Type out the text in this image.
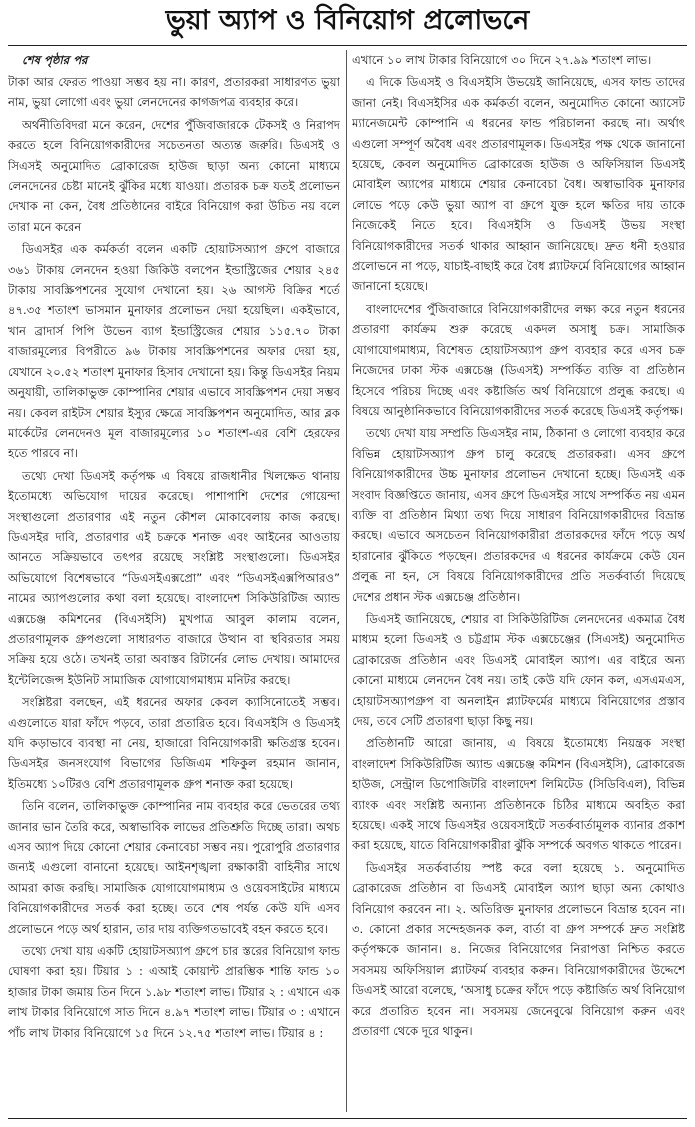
ভুয়া অ্যাপ ও বিনিয়োগ প্রলোভনে

শেষ পৃষ্ঠার পর

টাকা আর ফেরত পাওয়া সম্ভব হয় না। কারণ, প্রতারকরা সাধারণত ভুয়া নাম, ভুয়া লোগো এবং ভুয়া লেনদেনের কাগজপত্র ব্যবহার করে।

অর্থনীতিবিদরা মনে করেন, দেশের পুঁজিবাজারকে টেকসই ও নিরাপদ করতে হলে বিনিয়োগকারীদের সচেতনতা অত্যন্ত জরুরি। ডিএসই ও সিএসই অনুমোদিত ব্রোকারেজ হাউজ ছাড়া অন্য কোনো মাধ্যমে লেনদেনের চেষ্টা মানেই ঝুঁকির মধ্যে যাওয়া। প্রতারক চক্র যতই প্রলোভন দেখাক না কেন, বৈধ প্রতিষ্ঠানের বাইরে বিনিয়োগ করা উচিত নয় বলে তারা মনে করেন

ডিএসইর এক কর্মকর্তা বলেন একটি হোয়াটসঅ্যাপ গ্রুপে বাজারে ৩৬১ টাকায় লেনদেন হওয়া জিকিউ বলপেন ইন্ডাস্ট্রিজের শেয়ার ২৪৫ টাকায় সাবস্ক্রিপশনের সুযোগ দেখানো হয়। ২৬ আগস্ট বিক্রির শর্তে ৪৭.৩৫ শতাংশ ভাসমান মুনাফার প্রলোভন দেয়া হয়েছিল। একইভাবে, খান ব্রাদার্স পিপি উভেন ব্যাগ ইন্ডাস্ট্রিজের শেয়ার ১১৫.৭০ টাকা বাজারমূল্যের বিপরীতে ৯৬ টাকায় সাবস্ক্রিপশনের অফার দেয়া হয়, যেখানে ২০.৫২ শতাংশ মুনাফার হিসাব দেখানো হয়। কিন্তু ডিএসইর নিয়ম অনুযায়ী, তালিকাভুক্ত কোম্পানির শেয়ার এভাবে সাবস্ক্রিপশন দেয়া সম্ভব নয়। কেবল রাইটস শেয়ার ইস্যুর ক্ষেত্রে সাবস্ক্রিপশন অনুমোদিত, আর ব্লক মার্কেটের লেনদেনও মূল বাজারমূল্যের ১০ শতাংশ-এর বেশি হেরফের হতে পারবে না।

তথ্যে দেখা ডিএসই কর্তৃপক্ষ এ বিষয়ে রাজধানীর খিলক্ষেত থানায় ইতোমধ্যে অভিযোগ দায়ের করেছে। পাশাপাশি দেশের গোয়েন্দা সংস্থাগুলো প্রতারণার এই নতুন কৌশল মোকাবেলায় কাজ করছে। ডিএসইর দাবি, প্রতারণার এই চক্রকে শনাক্ত এবং আইনের আওতায় আনতে সক্রিয়ভাবে তৎপর রয়েছে সংশ্লিষ্ট সংস্থাগুলো। ডিএসইর অভিযোগে বিশেষভাবে “ডিএসইএক্সপ্রো” এবং “ডিএসইএক্সপিআরও” নামের অ্যাপগুলোর কথা বলা হয়েছে। বাংলাদেশ সিকিউরিটিজ অ্যান্ড এক্সচেঞ্জ কমিশনের (বিএসইসি) মুখপাত্র আবুল কালাম বলেন, প্রতারণামূলক গ্রুপগুলো সাধারণত বাজারে উত্থান বা স্থবিরতার সময় সক্রিয় হয়ে ওঠে। তখনই তারা অবাস্তব রিটার্নের লোভ দেখায়। আমাদের ইন্টেলিজেন্স ইউনিট সামাজিক যোগাযোগমাধ্যম মনিটর করছে।

সংশ্লিষ্টরা বলছেন, এই ধরনের অফার কেবল ক্যাসিনোতেই সম্ভব। এগুলোতে যারা ফাঁদে পড়বে, তারা প্রতারিত হবে। বিএসইসি ও ডিএসই যদি কড়াভাবে ব্যবস্থা না নেয়, হাজারো বিনিয়োগকারী ক্ষতিগ্রস্ত হবেন। ডিএসইর জনসংযোগ বিভাগের ডিজিএম শফিকুল রহমান জানান, ইতিমধ্যে ১০টিরও বেশি প্রতারণামূলক গ্রুপ শনাক্ত করা হয়েছে।

তিনি বলেন, তালিকাভুক্ত কোম্পানির নাম ব্যবহার করে ভেতরের তথ্য জানার ভান তৈরি করে, অস্বাভাবিক লাভের প্রতিশ্রুতি দিচ্ছে তারা। অথচ এসব অ্যাপ দিয়ে কোনো শেয়ার কেনাবেচা সম্ভব নয়। পুরোপুরি প্রতারণার জন্যই এগুলো বানানো হয়েছে। আইনশৃঙ্খলা রক্ষাকারী বাহিনীর সাথে আমরা কাজ করছি। সামাজিক যোগাযোগমাধ্যম ও ওয়েবসাইটের মাধ্যমে বিনিয়োগকারীদের সতর্ক করা হচ্ছে। তবে শেষ পর্যন্ত কেউ যদি এসব প্রলোভনে পড়ে অর্থ হারান, তার দায় ব্যক্তিগতভাবেই বহন করতে হবে।

তথ্যে দেখা যায় একটি হোয়াটসঅ্যাপ গ্রুপে চার স্তরের বিনিয়োগ ফান্ড ঘোষণা করা হয়। টিয়ার ১ : এআই কোয়ান্ট প্রারম্ভিক শান্তি ফান্ড ১০ হাজার টাকা জমায় তিন দিনে ১.৯৮ শতাংশ লাভ। টিয়ার ২ : এখানে এক লাখ টাকার বিনিয়োগে সাত দিনে ৪.৯৭ শতাংশ লাভ। টিয়ার ৩ : এখানে পাঁচ লাখ টাকার বিনিয়োগে ১৫ দিনে ১২.৭৫ শতাংশ লাভ। টিয়ার ৪ :

এখানে ১০ লাখ টাকার বিনিয়োগে ৩০ দিনে ২৭.৯৯ শতাংশ লাভ।

এ দিকে ডিএসই ও বিএসইসি উভয়েই জানিয়েছে, এসব ফান্ড তাদের জানা নেই। বিএসইসির এক কর্মকর্তা বলেন, অনুমোদিত কোনো অ্যাসেট ম্যানেজমেন্ট কোম্পানি এ ধরনের ফান্ড পরিচালনা করছে না। অর্থাৎ এগুলো সম্পূর্ণ অবৈধ এবং প্রতারণামূলক। ডিএসইর পক্ষ থেকে জানানো হয়েছে, কেবল অনুমোদিত ব্রোকারেজ হাউজ ও অফিসিয়াল ডিএসই মোবাইল অ্যাপের মাধ্যমে শেয়ার কেনাবেচা বৈধ। অস্বাভাবিক মুনাফার লোভে পড়ে কেউ ভুয়া অ্যাপ বা গ্রুপে যুক্ত হলে ক্ষতির দায় তাকে নিজেকেই নিতে হবে। বিএসইসি ও ডিএসই উভয় সংস্থা বিনিয়োগকারীদের সতর্ক থাকার আহ্বান জানিয়েছে। দ্রুত ধনী হওয়ার প্রলোভনে না পড়ে, যাচাই-বাছাই করে বৈধ প্ল্যাটফর্মে বিনিয়োগের আহ্বান জানানো হয়েছে।

বাংলাদেশের পুঁজিবাজারে বিনিয়োগকারীদের লক্ষ্য করে নতুন ধরনের প্রতারণা কার্যক্রম শুরু করেছে একদল অসাধু চক্র। সামাজিক যোগাযোগমাধ্যম, বিশেষত হোয়াটসঅ্যাপ গ্রুপ ব্যবহার করে এসব চক্র নিজেদের ঢাকা স্টক এক্সচেঞ্জ (ডিএসই) সম্পর্কিত ব্যক্তি বা প্রতিষ্ঠান হিসেবে পরিচয় দিচ্ছে এবং কষ্টার্জিত অর্থ বিনিয়োগে প্রলুব্ধ করছে। এ বিষয়ে আনুষ্ঠানিকভাবে বিনিয়োগকারীদের সতর্ক করেছে ডিএসই কর্তৃপক্ষ।

তথ্যে দেখা যায় সম্প্রতি ডিএসইর নাম, ঠিকানা ও লোগো ব্যবহার করে বিভিন্ন হোয়াটসঅ্যাপ গ্রুপ চালু করেছে প্রতারকরা। এসব গ্রুপে বিনিয়োগকারীদের উচ্চ মুনাফার প্রলোভন দেখানো হচ্ছে। ডিএসই এক সংবাদ বিজ্ঞপ্তিতে জানায়, এসব গ্রুপে ডিএসইর সাথে সম্পর্কিত নয় এমন ব্যক্তি বা প্রতিষ্ঠান মিথ্যা তথ্য দিয়ে সাধারণ বিনিয়োগকারীদের বিভ্রান্ত করছে। এভাবে অসচেতন বিনিয়োগকারীরা প্রতারকদের ফাঁদে পড়ে অর্থ হারানোর ঝুঁকিতে পড়ছেন। প্রতারকদের এ ধরনের কার্যক্রমে কেউ যেন প্রলুব্ধ না হন, সে বিষয়ে বিনিয়োগকারীদের প্রতি সতর্কবার্তা দিয়েছে দেশের প্রধান স্টক এক্সচেঞ্জ প্রতিষ্ঠান।

ডিএসই জানিয়েছে, শেয়ার বা সিকিউরিটিজ লেনদেনের একমাত্র বৈধ মাধ্যম হলো ডিএসই ও চট্টগ্রাম স্টক এক্সচেঞ্জের (সিএসই) অনুমোদিত ব্রোকারেজ প্রতিষ্ঠান এবং ডিএসই মোবাইল অ্যাপ। এর বাইরে অন্য কোনো মাধ্যমে লেনদেন বৈধ নয়। তাই কেউ যদি ফোন কল, এসএমএস, হোয়াটসঅ্যাপগ্রুপ বা অনলাইন প্ল্যাটফর্মের মাধ্যমে বিনিয়োগের প্রস্তাব দেয়, তবে সেটি প্রতারণা ছাড়া কিছু নয়।

প্রতিষ্ঠানটি আরো জানায়, এ বিষয়ে ইতোমধ্যে নিয়ন্ত্রক সংস্থা বাংলাদেশ সিকিউরিটিজ অ্যান্ড এক্সচেঞ্জ কমিশন (বিএসইসি), ব্রোকারেজ হাউজ, সেন্ট্রাল ডিপোজিটরি বাংলাদেশ লিমিটেড (সিডিবিএল), বিভিন্ন ব্যাংক এবং সংশ্লিষ্ট অন্যান্য প্রতিষ্ঠানকে চিঠির মাধ্যমে অবহিত করা হয়েছে। একই সাথে ডিএসইর ওয়েবসাইটে সতর্কবার্তামূলক ব্যানার প্রকাশ করা হয়েছে, যাতে বিনিয়োগকারীরা ঝুঁকি সম্পর্কে অবগত থাকতে পারেন।

ডিএসইর সতর্কবার্তায় স্পষ্ট করে বলা হয়েছে ১. অনুমোদিত ব্রোকারেজ প্রতিষ্ঠান বা ডিএসই মোবাইল অ্যাপ ছাড়া অন্য কোথাও বিনিয়োগ করবেন না। ২. অতিরিক্ত মুনাফার প্রলোভনে বিভ্রান্ত হবেন না। ৩. কোনো প্রকার সন্দেহজনক কল, বার্তা বা গ্রুপ সম্পর্কে দ্রুত সংশ্লিষ্ট কর্তৃপক্ষকে জানান। ৪. নিজের বিনিয়োগের নিরাপত্তা নিশ্চিত করতে সবসময় অফিসিয়াল প্ল্যাটফর্ম ব্যবহার করুন। বিনিয়োগকারীদের উদ্দেশে ডিএসই আরো বলেছে, ‘অসাধু চক্রের ফাঁদে পড়ে কষ্টার্জিত অর্থ বিনিয়োগ করে প্রতারিত হবেন না। সবসময় জেনেবুঝে বিনিয়োগ করুন এবং প্রতারণা থেকে দূরে থাকুন।
